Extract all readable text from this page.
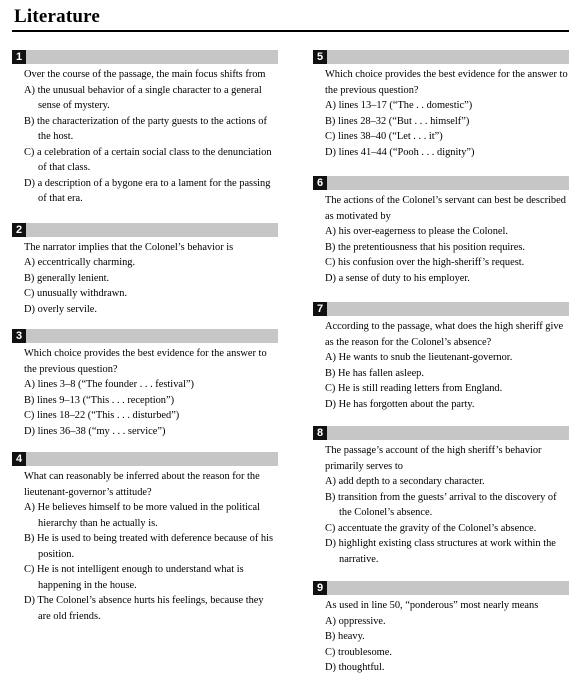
Literature
1

Over the course of the passage, the main focus shifts from

A) the unusual behavior of a single character to a general sense of mystery.
B) the characterization of the party guests to the actions of the host.
C) a celebration of a certain social class to the denunciation of that class.
D) a description of a bygone era to a lament for the passing of that era.
2

The narrator implies that the Colonel’s behavior is

A) eccentrically charming.
B) generally lenient.
C) unusually withdrawn.
D) overly servile.
3

Which choice provides the best evidence for the answer to the previous question?

A) lines 3–8 (“The founder . . . festival”)
B) lines 9–13 (“This . . . reception”)
C) lines 18–22 (“This . . . disturbed”)
D) lines 36–38 (“my . . . service”)
4

What can reasonably be inferred about the reason for the lieutenant-governor’s attitude?

A) He believes himself to be more valued in the political hierarchy than he actually is.
B) He is used to being treated with deference because of his position.
C) He is not intelligent enough to understand what is happening in the house.
D) The Colonel’s absence hurts his feelings, because they are old friends.
5

Which choice provides the best evidence for the answer to the previous question?

A) lines 13–17 (“The . . domestic”)
B) lines 28–32 (“But . . . himself”)
C) lines 38–40 (“Let . . . it”)
D) lines 41–44 (“Pooh . . . dignity”)
6

The actions of the Colonel’s servant can best be described as motivated by

A) his over-eagerness to please the Colonel.
B) the pretentiousness that his position requires.
C) his confusion over the high-sheriff’s request.
D) a sense of duty to his employer.
7

According to the passage, what does the high sheriff give as the reason for the Colonel’s absence?

A) He wants to snub the lieutenant-governor.
B) He has fallen asleep.
C) He is still reading letters from England.
D) He has forgotten about the party.
8

The passage’s account of the high sheriff’s behavior primarily serves to

A) add depth to a secondary character.
B) transition from the guests’ arrival to the discovery of the Colonel’s absence.
C) accentuate the gravity of the Colonel’s absence.
D) highlight existing class structures at work within the narrative.
9

As used in line 50, “ponderous” most nearly means

A) oppressive.
B) heavy.
C) troublesome.
D) thoughtful.
